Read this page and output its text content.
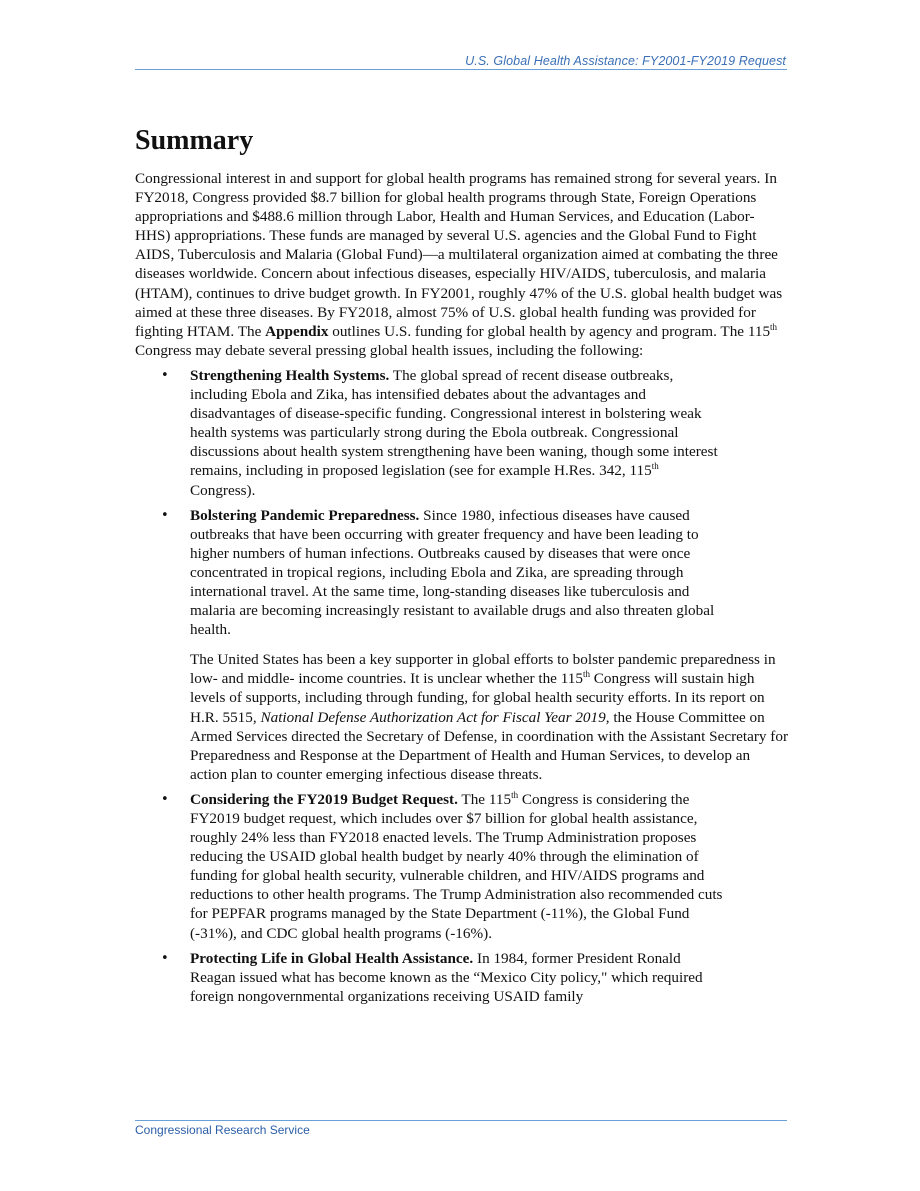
U.S. Global Health Assistance: FY2001-FY2019 Request
Summary

Congressional interest in and support for global health programs has remained strong for several years. In FY2018, Congress provided $8.7 billion for global health programs through State, Foreign Operations appropriations and $488.6 million through Labor, Health and Human Services, and Education (Labor-HHS) appropriations. These funds are managed by several U.S. agencies and the Global Fund to Fight AIDS, Tuberculosis and Malaria (Global Fund)—a multilateral organization aimed at combating the three diseases worldwide. Concern about infectious diseases, especially HIV/AIDS, tuberculosis, and malaria (HTAM), continues to drive budget growth. In FY2001, roughly 47% of the U.S. global health budget was aimed at these three diseases. By FY2018, almost 75% of U.S. global health funding was provided for fighting HTAM. The Appendix outlines U.S. funding for global health by agency and program. The 115th Congress may debate several pressing global health issues, including the following:

• Strengthening Health Systems. The global spread of recent disease outbreaks, including Ebola and Zika, has intensified debates about the advantages and disadvantages of disease-specific funding. Congressional interest in bolstering weak health systems was particularly strong during the Ebola outbreak. Congressional discussions about health system strengthening have been waning, though some interest remains, including in proposed legislation (see for example H.Res. 342, 115th Congress).
• Bolstering Pandemic Preparedness. Since 1980, infectious diseases have caused outbreaks that have been occurring with greater frequency and have been leading to higher numbers of human infections. Outbreaks caused by diseases that were once concentrated in tropical regions, including Ebola and Zika, are spreading through international travel. At the same time, long-standing diseases like tuberculosis and malaria are becoming increasingly resistant to available drugs and also threaten global health.
The United States has been a key supporter in global efforts to bolster pandemic preparedness in low- and middle- income countries. It is unclear whether the 115th Congress will sustain high levels of supports, including through funding, for global health security efforts. In its report on H.R. 5515, National Defense Authorization Act for Fiscal Year 2019, the House Committee on Armed Services directed the Secretary of Defense, in coordination with the Assistant Secretary for Preparedness and Response at the Department of Health and Human Services, to develop an action plan to counter emerging infectious disease threats.
• Considering the FY2019 Budget Request. The 115th Congress is considering the FY2019 budget request, which includes over $7 billion for global health assistance, roughly 24% less than FY2018 enacted levels. The Trump Administration proposes reducing the USAID global health budget by nearly 40% through the elimination of funding for global health security, vulnerable children, and HIV/AIDS programs and reductions to other health programs. The Trump Administration also recommended cuts for PEPFAR programs managed by the State Department (-11%), the Global Fund (-31%), and CDC global health programs (-16%).
• Protecting Life in Global Health Assistance. In 1984, former President Ronald Reagan issued what has become known as the “Mexico City policy," which required foreign nongovernmental organizations receiving USAID family
Congressional Research Service
